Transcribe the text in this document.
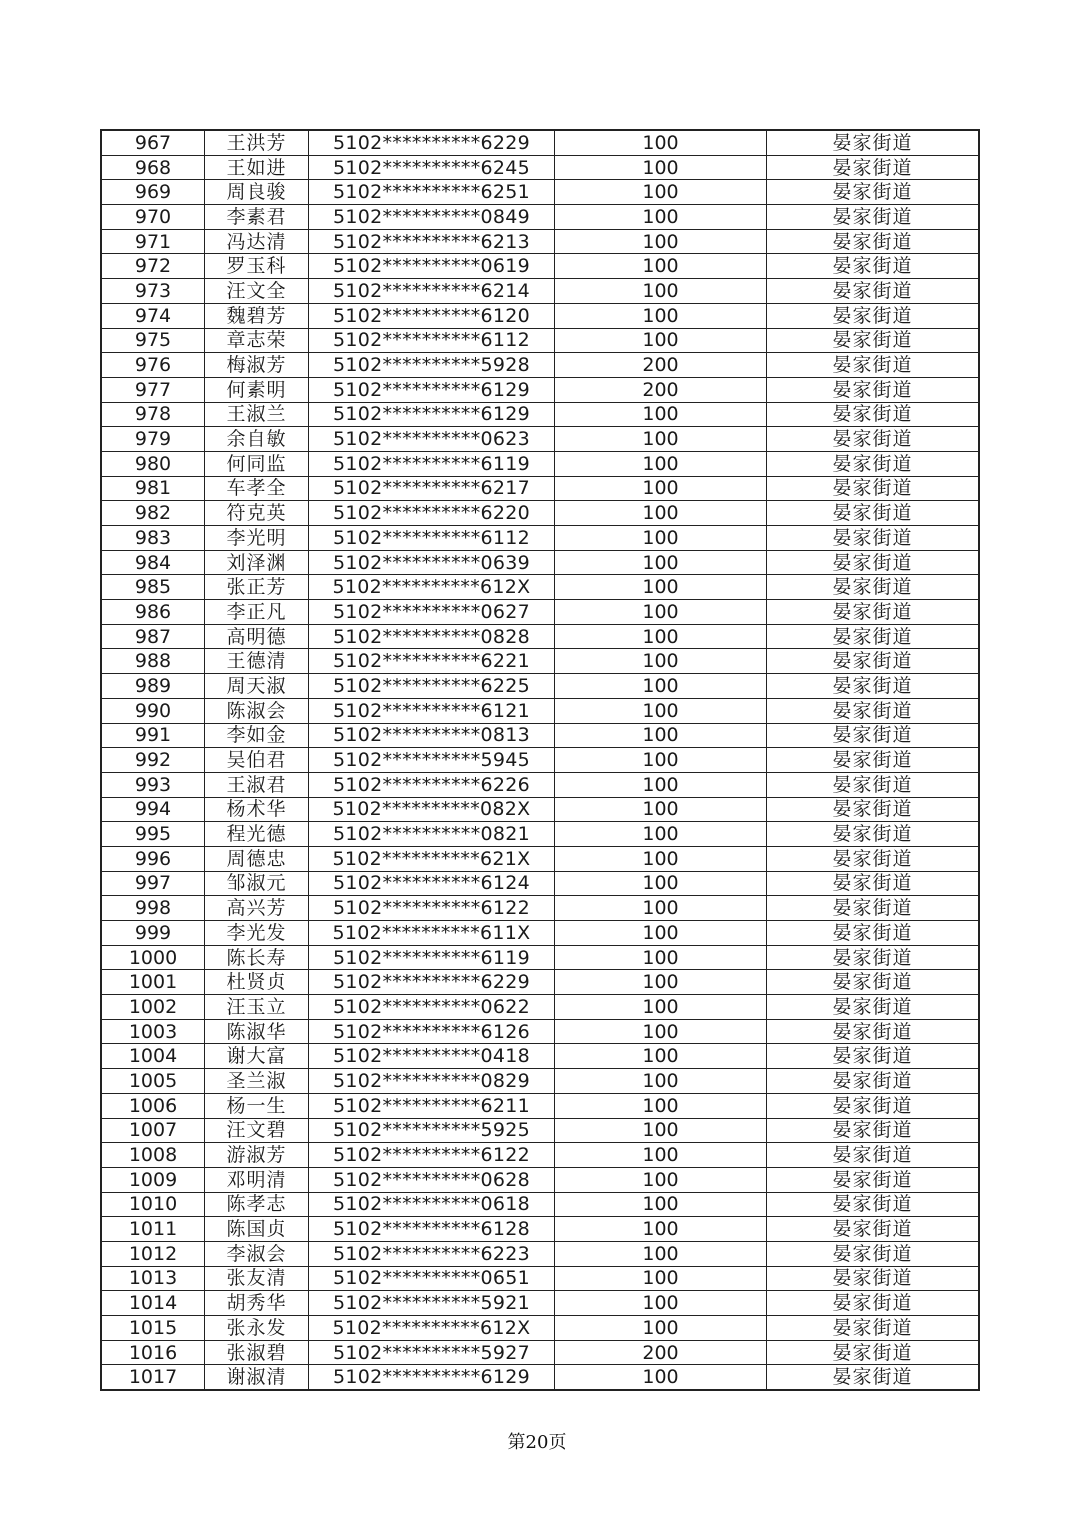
967	王洪芳	5102**********6229	100	晏家街道
968	王如进	5102**********6245	100	晏家街道
969	周良骏	5102**********6251	100	晏家街道
970	李素君	5102**********0849	100	晏家街道
971	冯达清	5102**********6213	100	晏家街道
972	罗玉科	5102**********0619	100	晏家街道
973	汪文全	5102**********6214	100	晏家街道
974	魏碧芳	5102**********6120	100	晏家街道
975	章志荣	5102**********6112	100	晏家街道
976	梅淑芳	5102**********5928	200	晏家街道
977	何素明	5102**********6129	200	晏家街道
978	王淑兰	5102**********6129	100	晏家街道
979	余自敏	5102**********0623	100	晏家街道
980	何同监	5102**********6119	100	晏家街道
981	车孝全	5102**********6217	100	晏家街道
982	符克英	5102**********6220	100	晏家街道
983	李光明	5102**********6112	100	晏家街道
984	刘泽渊	5102**********0639	100	晏家街道
985	张正芳	5102**********612X	100	晏家街道
986	李正凡	5102**********0627	100	晏家街道
987	高明德	5102**********0828	100	晏家街道
988	王德清	5102**********6221	100	晏家街道
989	周天淑	5102**********6225	100	晏家街道
990	陈淑会	5102**********6121	100	晏家街道
991	李如金	5102**********0813	100	晏家街道
992	吴伯君	5102**********5945	100	晏家街道
993	王淑君	5102**********6226	100	晏家街道
994	杨术华	5102**********082X	100	晏家街道
995	程光德	5102**********0821	100	晏家街道
996	周德忠	5102**********621X	100	晏家街道
997	邹淑元	5102**********6124	100	晏家街道
998	高兴芳	5102**********6122	100	晏家街道
999	李光发	5102**********611X	100	晏家街道
1000	陈长寿	5102**********6119	100	晏家街道
1001	杜贤贞	5102**********6229	100	晏家街道
1002	汪玉立	5102**********0622	100	晏家街道
1003	陈淑华	5102**********6126	100	晏家街道
1004	谢大富	5102**********0418	100	晏家街道
1005	圣兰淑	5102**********0829	100	晏家街道
1006	杨一生	5102**********6211	100	晏家街道
1007	汪文碧	5102**********5925	100	晏家街道
1008	游淑芳	5102**********6122	100	晏家街道
1009	邓明清	5102**********0628	100	晏家街道
1010	陈孝志	5102**********0618	100	晏家街道
1011	陈国贞	5102**********6128	100	晏家街道
1012	李淑会	5102**********6223	100	晏家街道
1013	张友清	5102**********0651	100	晏家街道
1014	胡秀华	5102**********5921	100	晏家街道
1015	张永发	5102**********612X	100	晏家街道
1016	张淑碧	5102**********5927	200	晏家街道
1017	谢淑清	5102**********6129	100	晏家街道
第20页
